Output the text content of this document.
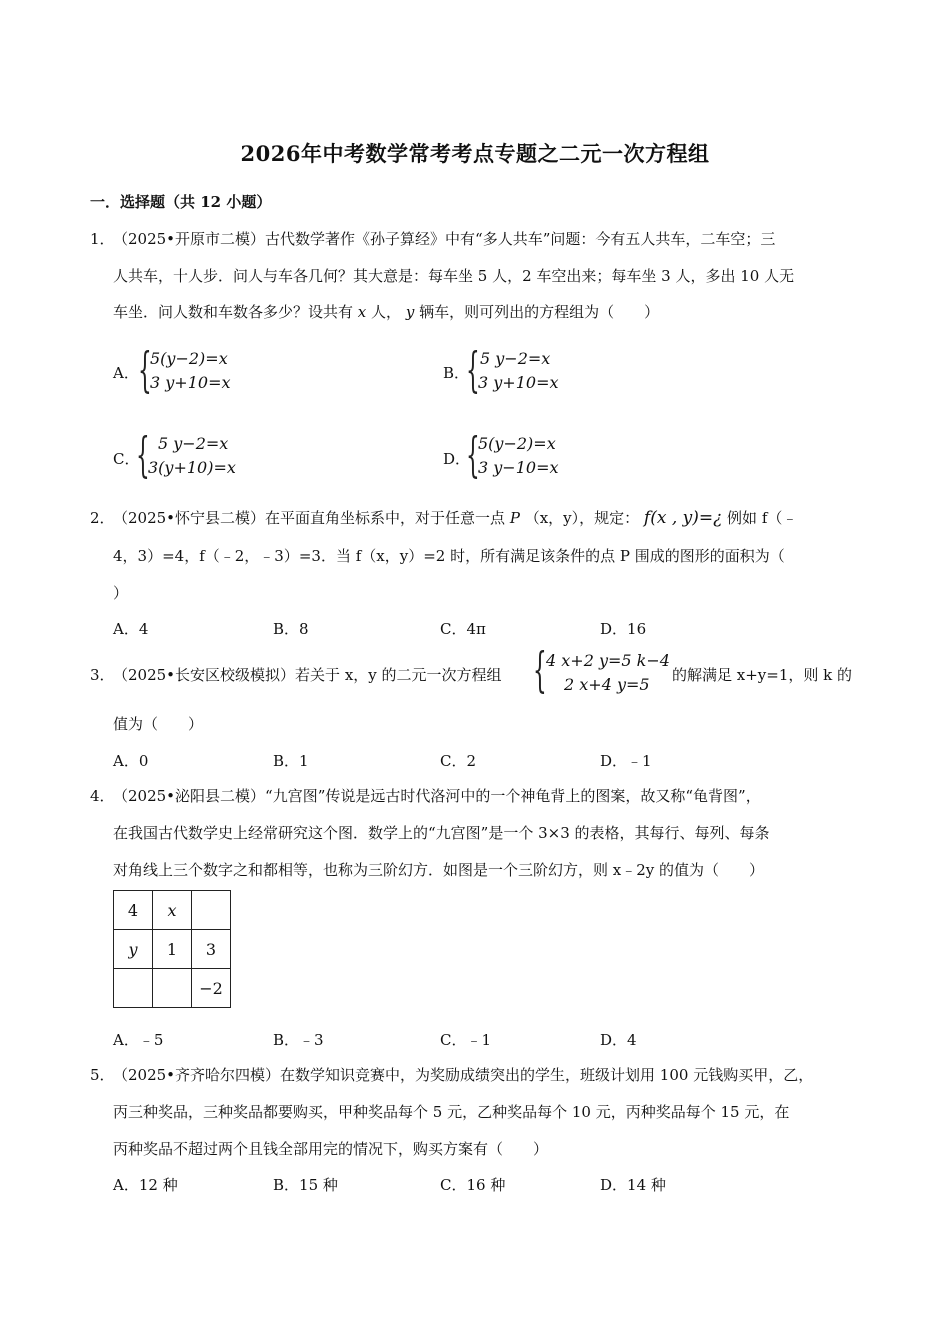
2026年中考数学常考考点专题之二元一次方程组
一．选择题（共 12 小题）
1．
（2025•开原市二模）古代数学著作《孙子算经》中有“多人共车”问题：今有五人共车，二车空；三
人共车，十人步．问人与车各几何？其大意是：每车坐 5 人，2 车空出来；每车坐 3 人，多出 10 人无
车坐．问人数和车数各多少？设共有 x 人， y 辆车，则可列出的方程组为（　　）
A． {
5(y−2)=x
3 y+10=x	B．
{ 5 y−2=x
3 y+10=x
C．
{ 5 y−2=x
3(y+10)=x	D．
{
5(y−2)=x
3 y−10=x
2．
（2025•怀宁县二模）在平面直角坐标系中，对于任意一点 P （x，y），规定： f(x , y)=¿ 例如 f（﹣
4，3）=4，f（﹣2，﹣3）=3．当 f（x，y）=2 时，所有满足该条件的点 P 围成的图形的面积为（
）
A．4	B．8	C．4π	D．16
3．
（2025•长安区校级模拟）若关于 x，y 的二元一次方程组 { 4 x+2 y=5 k−4
2 x+4 y=5 的解满足 x+y=1，则 k 的
值为（　　）
A．0	B．1	C．2	D．﹣1
4．
（2025•泌阳县二模）“九宫图”传说是远古时代洛河中的一个神龟背上的图案，故又称“龟背图”，
在我国古代数学史上经常研究这个图．数学上的“九宫图”是一个 3×3 的表格，其每行、每列、每条
对角线上三个数字之和都相等，也称为三阶幻方．如图是一个三阶幻方，则 x﹣2y 的值为（　　）
4	x	
y	1	3
		−2
A．﹣5	B．﹣3	C．﹣1	D．4
5．
（2025•齐齐哈尔四模）在数学知识竞赛中，为奖励成绩突出的学生，班级计划用 100 元钱购买甲，乙，
丙三种奖品，三种奖品都要购买，甲种奖品每个 5 元，乙种奖品每个 10 元，丙种奖品每个 15 元，在
丙种奖品不超过两个且钱全部用完的情况下，购买方案有（　　）
A．12 种	B．15 种	C．16 种	D．14 种
